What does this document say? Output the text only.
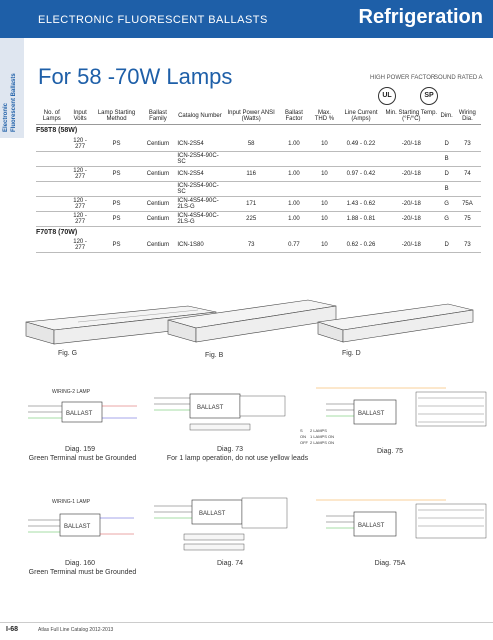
ELECTRONIC FLUORESCENT BALLASTS	Refrigeration
Electronic Fluorescent Ballasts For 58 -70W Lamps	HIGH POWER FACTOR
SOUND RATED A
UL	SP
No. of Lamps	Input Volts	Lamp Starting Method	Ballast Family	Catalog Number	Input Power ANSI (Watts)	Ballast Factor	Max. THD %	Line Current (Amps)	Min. Starting Temp. (°F/°C)	Dim.	Wiring Dia.
F58T8 (58W)											
	120 - 277	PS	Centium	ICN-2S54	58	1.00	10	0.49 - 0.22	-20/-18	D	73
				ICN-2S54-90C-SC						B	
	120 - 277	PS	Centium	ICN-2S54	116	1.00	10	0.97 - 0.42	-20/-18	D	74
				ICN-2S54-90C-SC						B	
	120 - 277	PS	Centium	ICN-4S54-90C-2LS-G	171	1.00	10	1.43 - 0.62	-20/-18	G	75A
	120 - 277	PS	Centium	ICN-4S54-90C-2LS-G	225	1.00	10	1.88 - 0.81	-20/-18	G	75
F70T8 (70W)											
	120 - 277	PS	Centium	ICN-1S80	73	0.77	10	0.62 - 0.26	-20/-18	D	73
Fig. G	Fig. B	Fig. D
WIRING-2 LAMP
BALLAST
Diag. 159
Green Terminal must be Grounded
BALLAST
Diag. 73
For 1 lamp operation, do not use yellow leads
BALLAST
S
ON
OFF
2 LAMPS
1 LAMPS ON
2 LAMPS ON
Diag. 75
WIRING-1 LAMP
BALLAST
Diag. 160
Green Terminal must be Grounded
BALLAST
Diag. 74
BALLAST
Diag. 75A
I-68	Atlas Full Line Catalog 2012-2013
